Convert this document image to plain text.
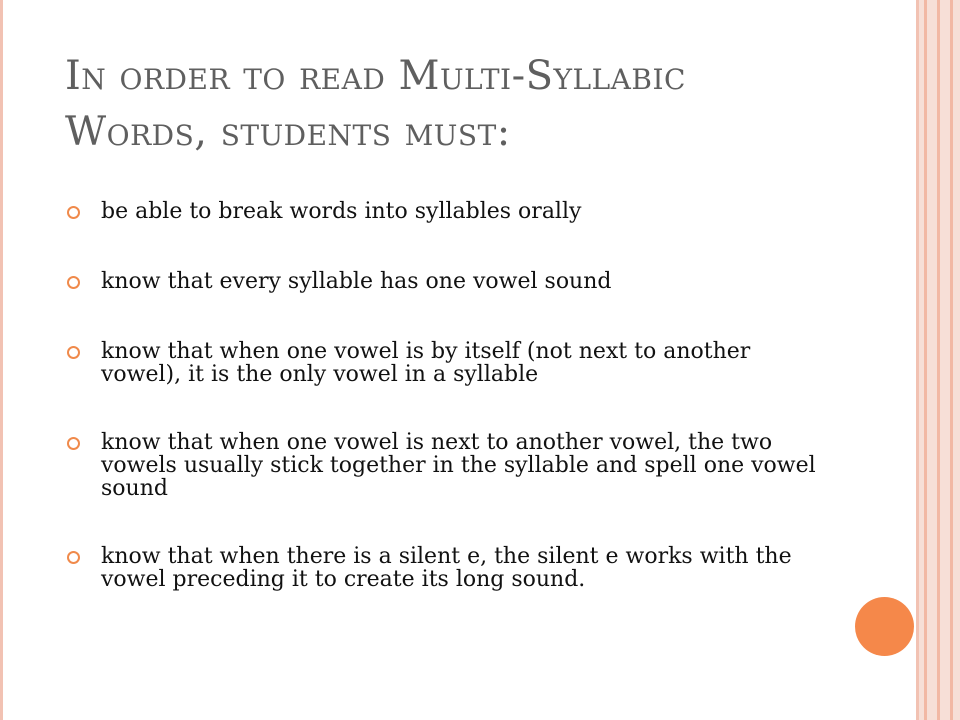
In order to read Multi-Syllabic
Words, students must:
be able to break words into syllables orally
know that every syllable has one vowel sound
know that when one vowel is by itself (not next to another vowel), it is the only vowel in a syllable
know that when one vowel is next to another vowel, the two vowels usually stick together in the syllable and spell one vowel sound
know that when there is a silent e, the silent e works with the vowel preceding it to create its long sound.
